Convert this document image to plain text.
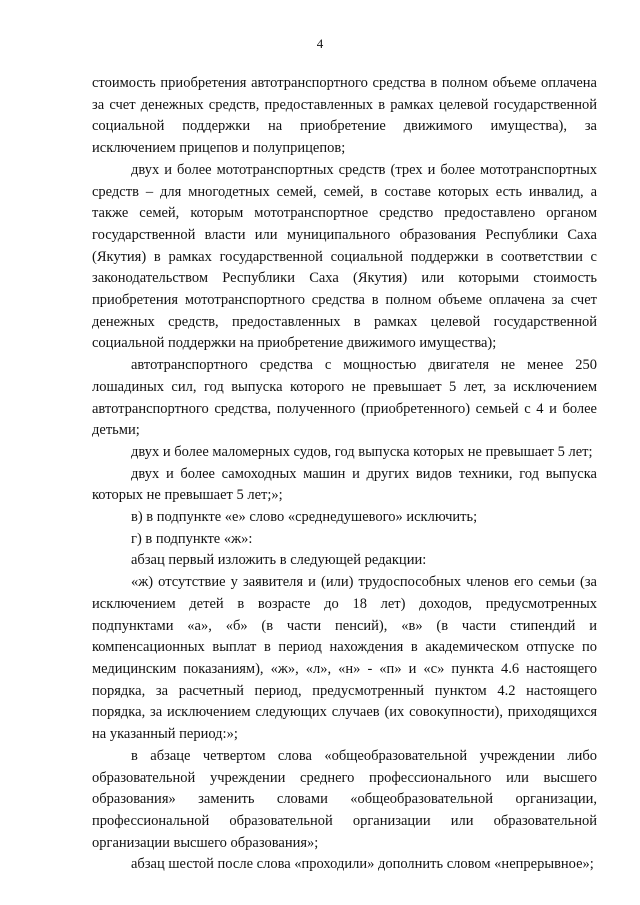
4

стоимость приобретения автотранспортного средства в полном объеме оплачена за счет денежных средств, предоставленных в рамках целевой государственной социальной поддержки на приобретение движимого имущества), за исключением прицепов и полуприцепов;

двух и более мототранспортных средств (трех и более мототранспортных средств – для многодетных семей, семей, в составе которых есть инвалид, а также семей, которым мототранспортное средство предоставлено органом государственной власти или муниципального образования Республики Саха (Якутия) в рамках государственной социальной поддержки в соответствии с законодательством Республики Саха (Якутия) или которыми стоимость приобретения мототранспортного средства в полном объеме оплачена за счет денежных средств, предоставленных в рамках целевой государственной социальной поддержки на приобретение движимого имущества);

автотранспортного средства с мощностью двигателя не менее 250 лошадиных сил, год выпуска которого не превышает 5 лет, за исключением автотранспортного средства, полученного (приобретенного) семьей с 4 и более детьми;

двух и более маломерных судов, год выпуска которых не превышает 5 лет;

двух и более самоходных машин и других видов техники, год выпуска которых не превышает 5 лет;»;

в) в подпункте «е» слово «среднедушевого» исключить;

г) в подпункте «ж»:

абзац первый изложить в следующей редакции:

«ж) отсутствие у заявителя и (или) трудоспособных членов его семьи (за исключением детей в возрасте до 18 лет) доходов, предусмотренных подпунктами «а», «б» (в части пенсий), «в» (в части стипендий и компенсационных выплат в период нахождения в академическом отпуске по медицинским показаниям), «ж», «л», «н» - «п» и «с» пункта 4.6 настоящего порядка, за расчетный период, предусмотренный пунктом 4.2 настоящего порядка, за исключением следующих случаев (их совокупности), приходящихся на указанный период:»;

в абзаце четвертом слова «общеобразовательной учреждении либо образовательной учреждении среднего профессионального или высшего образования» заменить словами «общеобразовательной организации, профессиональной образовательной организации или образовательной организации высшего образования»;

абзац шестой после слова «проходили» дополнить словом «непрерывное»;
